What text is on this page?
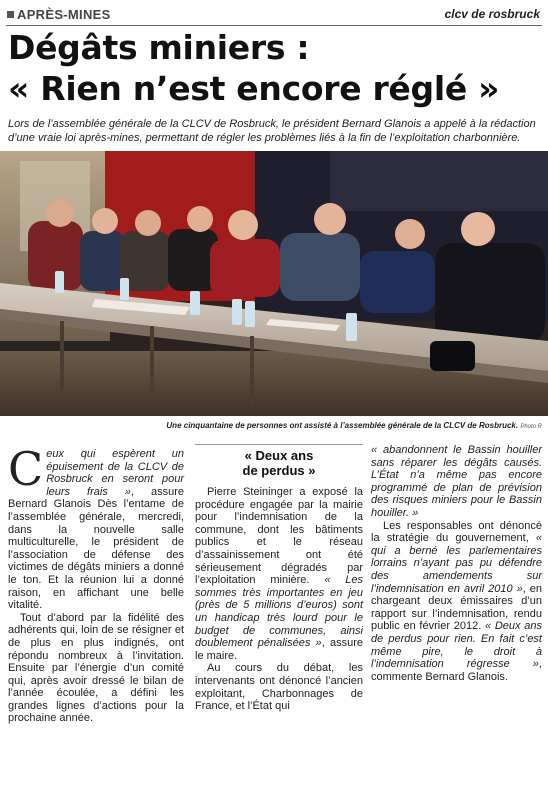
APRÈS-MINES	clcv de rosbruck
Dégâts miniers :
« Rien n’est encore réglé »
Lors de l’assemblée générale de la CLCV de Rosbruck, le président Bernard Glanois a appelé à la rédaction d’une vraie loi après-mines, permettant de régler les problèmes liés à la fin de l’exploitation charbonnière.
Une cinquantaine de personnes ont assisté à l’assemblée générale de la CLCV de Rosbruck. Photo R

Ceux qui espèrent un épuisement de la CLCV de Rosbruck en seront pour leurs frais », assure Bernard Glanois Dès l’entame de l’assemblée générale, mercredi, dans la nouvelle salle multiculturelle, le président de l’association de défense des victimes de dégâts miniers a donné le ton. Et la réunion lui a donné raison, en affichant une belle vitalité.

Tout d’abord par la fidélité des adhérents qui, loin de se résigner et de plus en plus indignés, ont répondu nombreux à l’invitation. Ensuite par l’énergie d’un comité qui, après avoir dressé le bilan de l’année écoulée, a défini les grandes lignes d’actions pour la prochaine année.

« Deux ans
de perdus »

Pierre Steininger a exposé la procédure engagée par la mairie pour l’indemnisation de la commune, dont les bâtiments publics et le réseau d’assainissement ont été sérieusement dégradés par l’exploitation minière. « Les sommes très importantes en jeu (près de 5 millions d’euros) sont un handicap très lourd pour le budget de communes, ainsi doublement pénalisées », assure le maire.

Au cours du débat, les intervenants ont dénoncé l’ancien exploitant, Charbonnages de France, et l’État qui

« abandonnent le Bassin houiller sans réparer les dégâts causés. L’État n’a même pas encore programmé de plan de prévision des risques miniers pour le Bassin houiller. »

Les responsables ont dénoncé la stratégie du gouvernement, « qui a berné les parlementaires lorrains n’ayant pas pu défendre des amendements sur l’indemnisation en avril 2010 », en chargeant deux émissaires d’un rapport sur l’indemnisation, rendu public en février 2012. « Deux ans de perdus pour rien. En fait c’est même pire, le droit à l’indemnisation régresse », commente Bernard Glanois.
